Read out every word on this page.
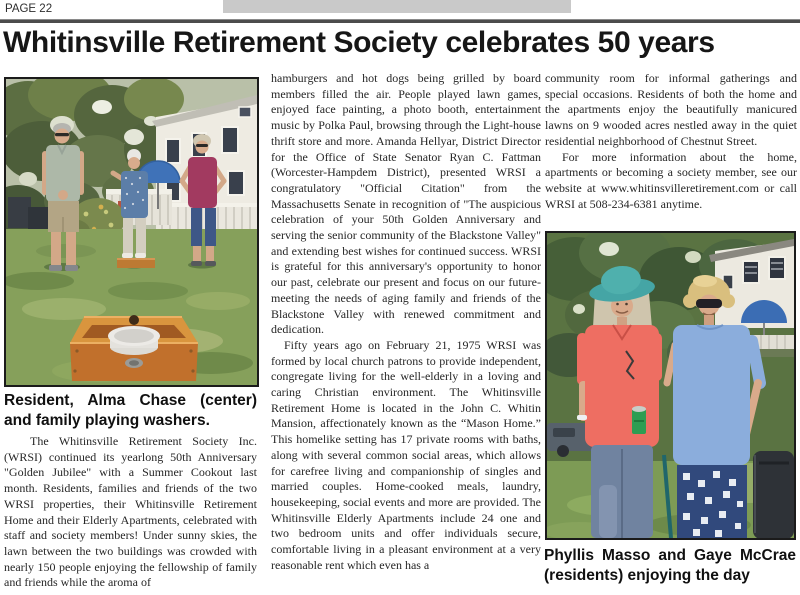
PAGE 22
Whitinsville Retirement Society celebrates 50 years
Resident, Alma Chase (center) and family playing washers.

The Whitinsville Retirement Society Inc. (WRSI) continued its yearlong 50th Anniversary "Golden Jubilee" with a Summer Cookout last month. Residents, families and friends of the two WRSI properties, their Whitinsville Retirement Home and their Elderly Apartments, celebrated with staff and society members! Under sunny skies, the lawn between the two buildings was crowded with nearly 150 people enjoying the fellowship of family and friends while the aroma of

hamburgers and hot dogs being grilled by board members filled the air. People played lawn games, enjoyed face painting, a photo booth, entertainment music by Polka Paul, browsing through the Light-house thrift store and more. Amanda Hellyar, District Director for the Office of State Senator Ryan C. Fattman (Worcester-Hampdem District), presented WRSI a congratulatory "Official Citation" from the Massachusetts Senate in recognition of "The auspicious celebration of your 50th Golden Anniversary and serving the senior community of the Blackstone Valley" and extending best wishes for continued success. WRSI is grateful for this anniversary's opportunity to honor our past, celebrate our present and focus on our future- meeting the needs of aging family and friends of the Blackstone Valley with renewed commitment and dedication.

Fifty years ago on February 21, 1975 WRSI was formed by local church patrons to provide independent, congregate living for the well-elderly in a loving and caring Christian environment. The Whitinsville Retirement Home is located in the John C. Whitin Mansion, affectionately known as the “Mason Home.” This homelike setting has 17 private rooms with baths, along with several common social areas, which allows for carefree living and companionship of singles and married couples. Home-cooked meals, laundry, housekeeping, social events and more are provided. The Whitinsville Elderly Apartments include 24 one and two bedroom units and offer individuals secure, comfortable living in a pleasant environment at a very reasonable rent which even has a

community room for informal gatherings and special occasions. Residents of both the home and the apartments enjoy the beautifully manicured lawns on 9 wooded acres nestled away in the quiet residential neighborhood of Chestnut Street.

For more information about the home, apartments or becoming a society member, see our website at www.whitinsvilleretirement.com or call WRSI at 508-234-6381 anytime.

Phyllis Masso and Gaye McCrae (residents) enjoying the day
